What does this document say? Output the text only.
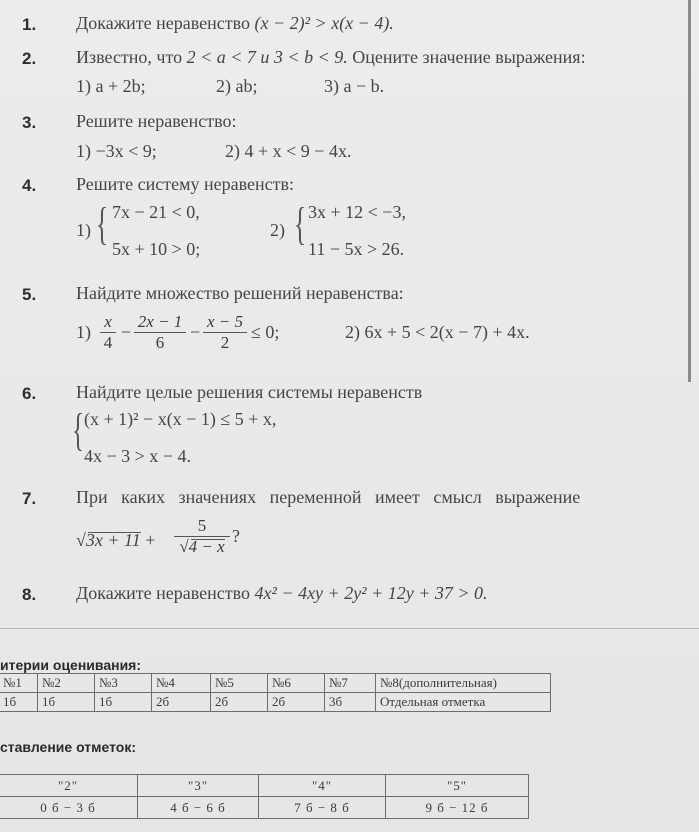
1. Докажите неравенство (x − 2)² > x(x − 4).
2. Известно, что 2 < a < 7 и 3 < b < 9. Оцените значение выражения:
1) a + 2b;	2) ab;	3) a − b.
3. Решите неравенство:
1) −3x < 9;	2) 4 + x < 9 − 4x.
4. Решите систему неравенств:
1) { 7x − 21 < 0,
5x + 10 > 0;
2) { 3x + 12 < −3,
11 − 5x > 26.
5. Найдите множество решений неравенства:
$1) \frac{x}{4} - \frac{2x - 1}{6} - \frac{x - 5}{2} \le 0$;	2) 6x + 5 < 2(x − 7) + 4x.
6. Найдите целые решения системы неравенств
{ (x + 1)² − x(x − 1) ≤ 5 + x,
4x − 3 > x − 4.
7. При каких значениях переменной имеет смысл выражение
√
3x + 11 + 5
√
4 − x ?
8. Докажите неравенство 4x² − 4xy + 2y² + 12y + 37 > 0.
итерии оценивания:
№1	№2	№3	№4	№5	№6	№7	№8(дополнительная)
1б	1б	1б	2б	2б	2б	3б	Отдельная отметка
ставление отметок:
"2"	"3"	"4"	"5"
0 б − 3 б	4 б − 6 б	7 б − 8 б	9 б − 12 б
